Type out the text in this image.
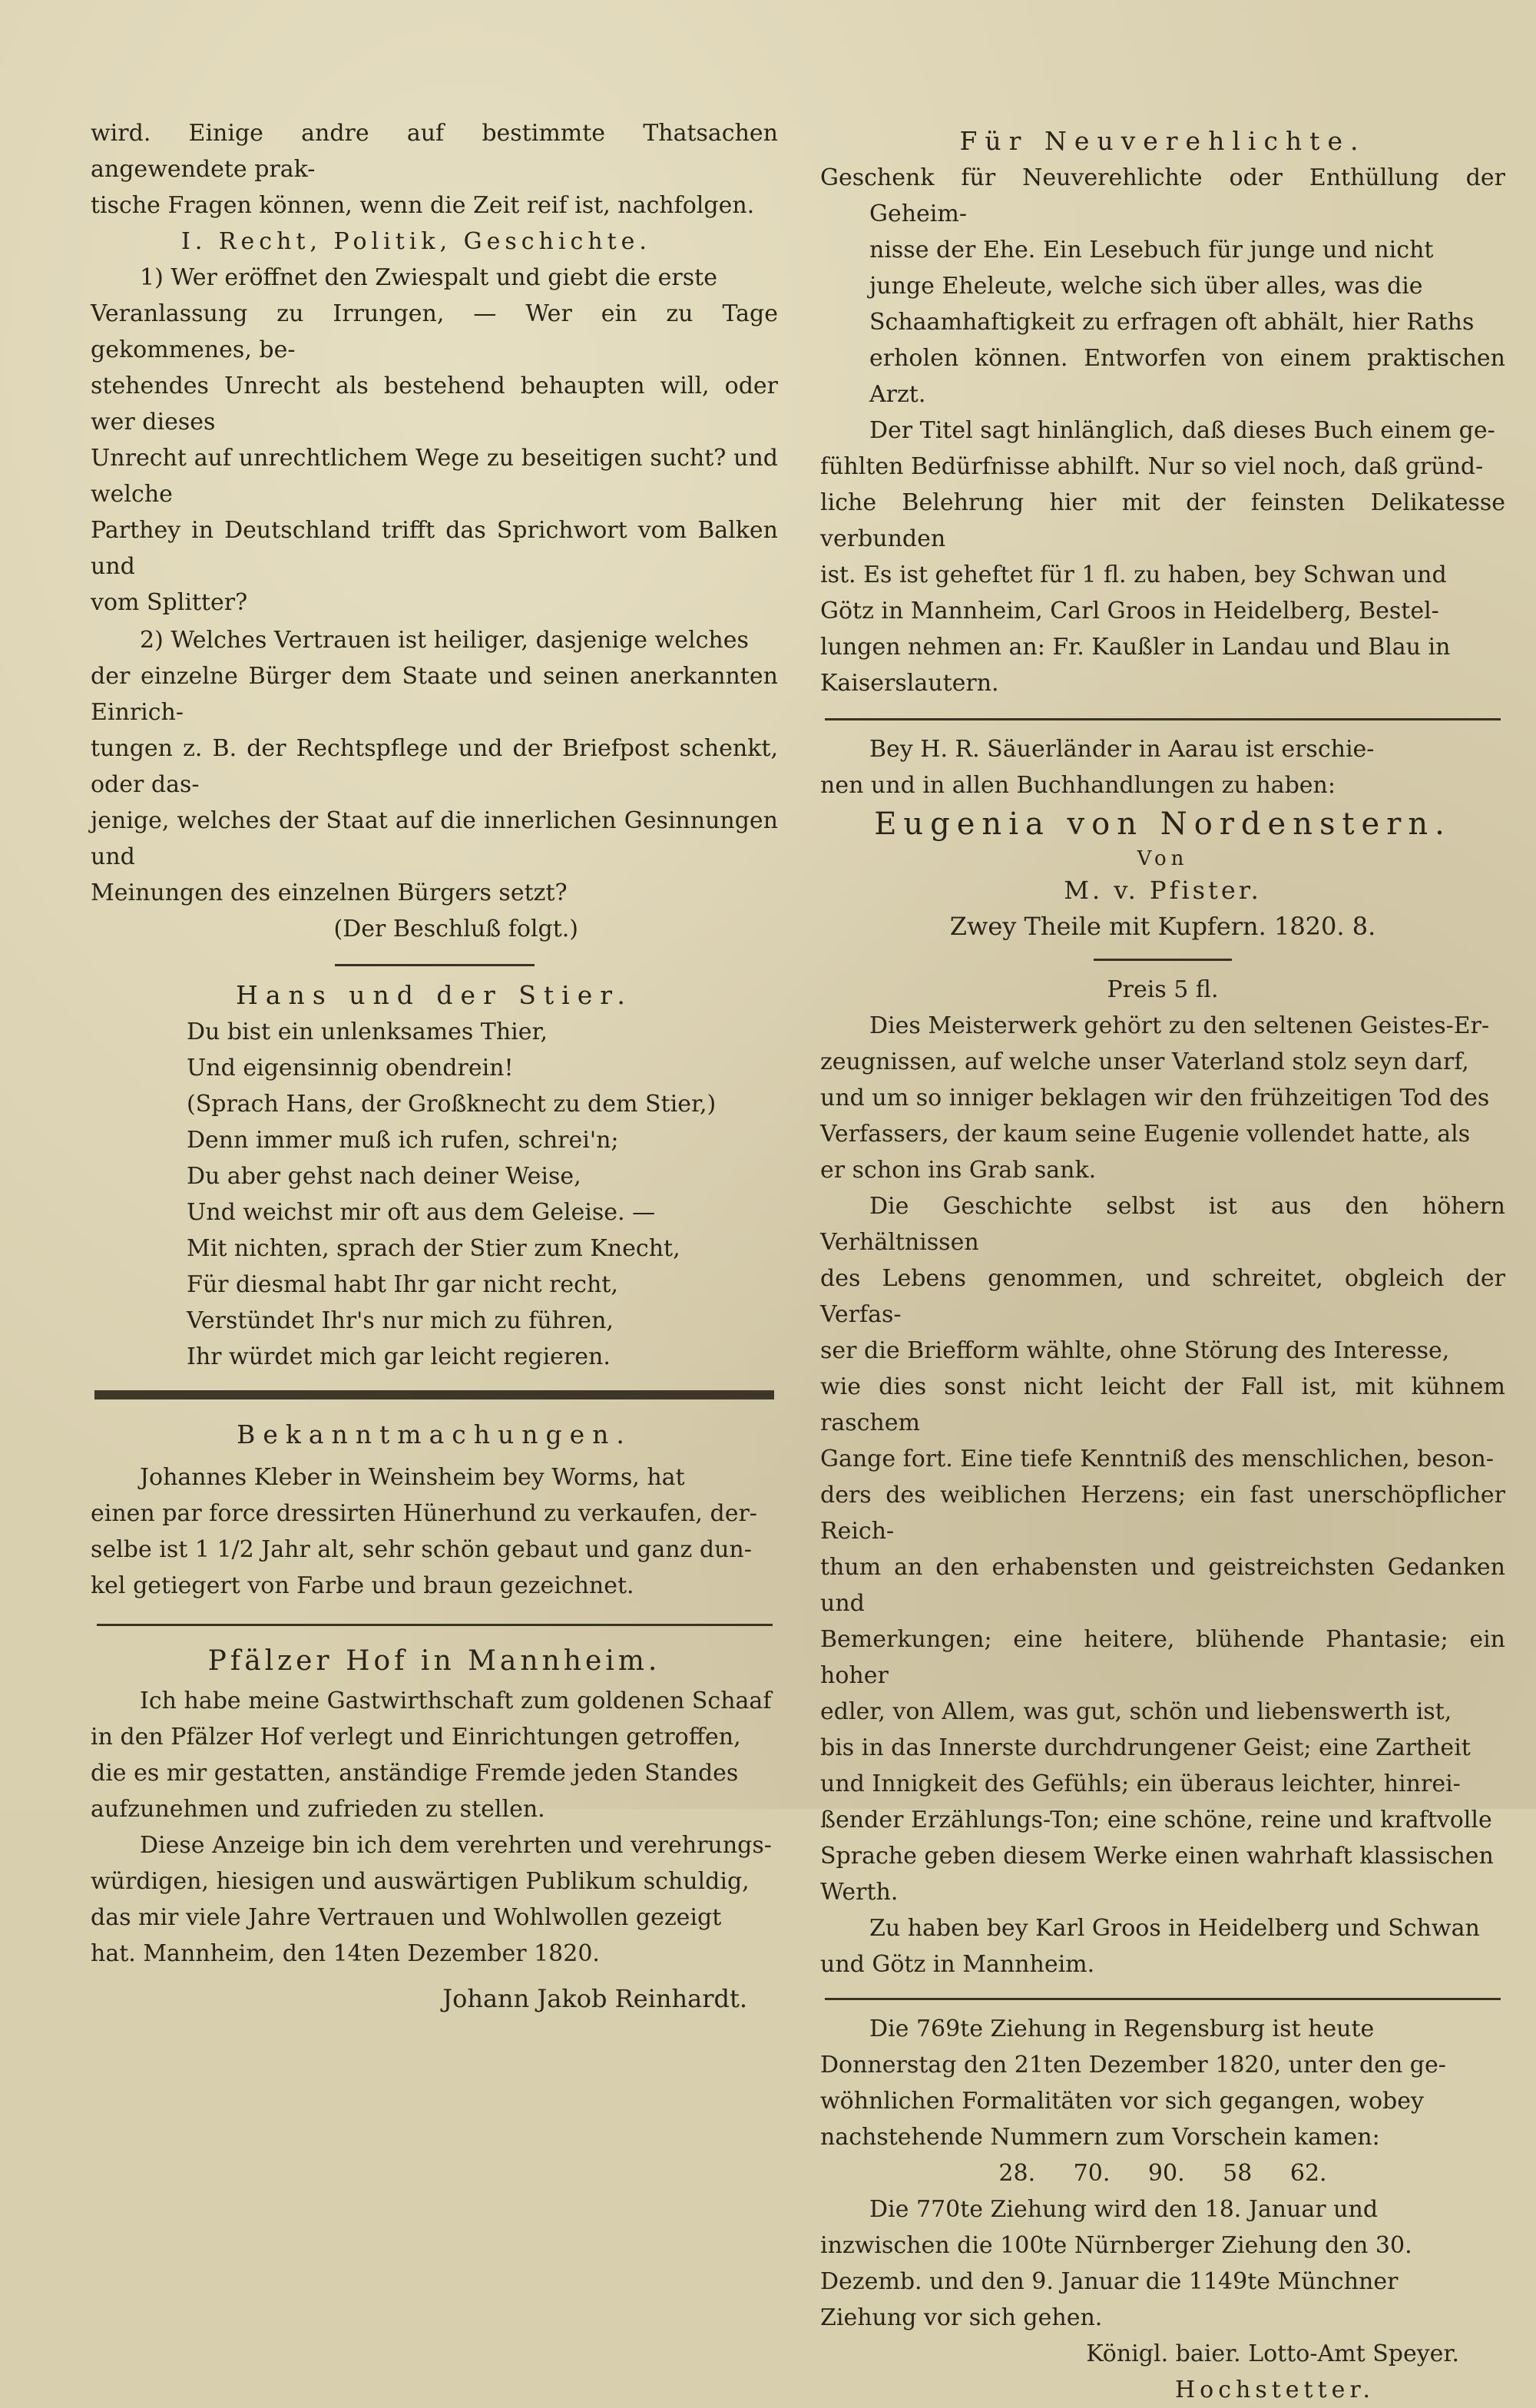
wird. Einige andre auf bestimmte Thatsachen angewendete prak-

tische Fragen können, wenn die Zeit reif ist, nachfolgen.

I. Recht, Politik, Geschichte.

1) Wer eröffnet den Zwiespalt und giebt die erste

Veranlassung zu Irrungen, — Wer ein zu Tage gekommenes, be-

stehendes Unrecht als bestehend behaupten will, oder wer dieses

Unrecht auf unrechtlichem Wege zu beseitigen sucht? und welche

Parthey in Deutschland trifft das Sprichwort vom Balken und

vom Splitter?

2) Welches Vertrauen ist heiliger, dasjenige welches

der einzelne Bürger dem Staate und seinen anerkannten Einrich-

tungen z. B. der Rechtspflege und der Briefpost schenkt, oder das-

jenige, welches der Staat auf die innerlichen Gesinnungen und

Meinungen des einzelnen Bürgers setzt?

(Der Beschluß folgt.)

Hans und der Stier.

Du bist ein unlenksames Thier,

Und eigensinnig obendrein!

(Sprach Hans, der Großknecht zu dem Stier,)

Denn immer muß ich rufen, schrei'n;

Du aber gehst nach deiner Weise,

Und weichst mir oft aus dem Geleise. —

Mit nichten, sprach der Stier zum Knecht,

Für diesmal habt Ihr gar nicht recht,

Verstündet Ihr's nur mich zu führen,

Ihr würdet mich gar leicht regieren.

Bekanntmachungen.

Johannes Kleber in Weinsheim bey Worms, hat

einen par force dressirten Hünerhund zu verkaufen, der-

selbe ist 1 1/2 Jahr alt, sehr schön gebaut und ganz dun-

kel getiegert von Farbe und braun gezeichnet.

Pfälzer Hof in Mannheim.

Ich habe meine Gastwirthschaft zum goldenen Schaaf

in den Pfälzer Hof verlegt und Einrichtungen getroffen,

die es mir gestatten, anständige Fremde jeden Standes

aufzunehmen und zufrieden zu stellen.

Diese Anzeige bin ich dem verehrten und verehrungs-

würdigen, hiesigen und auswärtigen Publikum schuldig,

das mir viele Jahre Vertrauen und Wohlwollen gezeigt

hat. Mannheim, den 14ten Dezember 1820.

Johann Jakob Reinhardt.

Für Neuverehlichte.

Geschenk für Neuverehlichte oder Enthüllung der Geheim-

nisse der Ehe. Ein Lesebuch für junge und nicht

junge Eheleute, welche sich über alles, was die

Schaamhaftigkeit zu erfragen oft abhält, hier Raths

erholen können. Entworfen von einem praktischen Arzt.

Der Titel sagt hinlänglich, daß dieses Buch einem ge-

fühlten Bedürfnisse abhilft. Nur so viel noch, daß gründ-

liche Belehrung hier mit der feinsten Delikatesse verbunden

ist. Es ist geheftet für 1 fl. zu haben, bey Schwan und

Götz in Mannheim, Carl Groos in Heidelberg, Bestel-

lungen nehmen an: Fr. Kaußler in Landau und Blau in

Kaiserslautern.

Bey H. R. Säuerländer in Aarau ist erschie-

nen und in allen Buchhandlungen zu haben:

Eugenia von Nordenstern.

Von

M. v. Pfister.

Zwey Theile mit Kupfern. 1820. 8.

Preis 5 fl.

Dies Meisterwerk gehört zu den seltenen Geistes-Er-

zeugnissen, auf welche unser Vaterland stolz seyn darf,

und um so inniger beklagen wir den frühzeitigen Tod des

Verfassers, der kaum seine Eugenie vollendet hatte, als

er schon ins Grab sank.

Die Geschichte selbst ist aus den höhern Verhältnissen

des Lebens genommen, und schreitet, obgleich der Verfas-

ser die Briefform wählte, ohne Störung des Interesse,

wie dies sonst nicht leicht der Fall ist, mit kühnem raschem

Gange fort. Eine tiefe Kenntniß des menschlichen, beson-

ders des weiblichen Herzens; ein fast unerschöpflicher Reich-

thum an den erhabensten und geistreichsten Gedanken und

Bemerkungen; eine heitere, blühende Phantasie; ein hoher

edler, von Allem, was gut, schön und liebenswerth ist,

bis in das Innerste durchdrungener Geist; eine Zartheit

und Innigkeit des Gefühls; ein überaus leichter, hinrei-

ßender Erzählungs-Ton; eine schöne, reine und kraftvolle

Sprache geben diesem Werke einen wahrhaft klassischen

Werth.

Zu haben bey Karl Groos in Heidelberg und Schwan

und Götz in Mannheim.

Die 769te Ziehung in Regensburg ist heute

Donnerstag den 21ten Dezember 1820, unter den ge-

wöhnlichen Formalitäten vor sich gegangen, wobey

nachstehende Nummern zum Vorschein kamen:

28. 70. 90. 58 62.

Die 770te Ziehung wird den 18. Januar und

inzwischen die 100te Nürnberger Ziehung den 30.

Dezemb. und den 9. Januar die 1149te Münchner

Ziehung vor sich gehen.

Königl. baier. Lotto-Amt Speyer.

Hochstetter.
